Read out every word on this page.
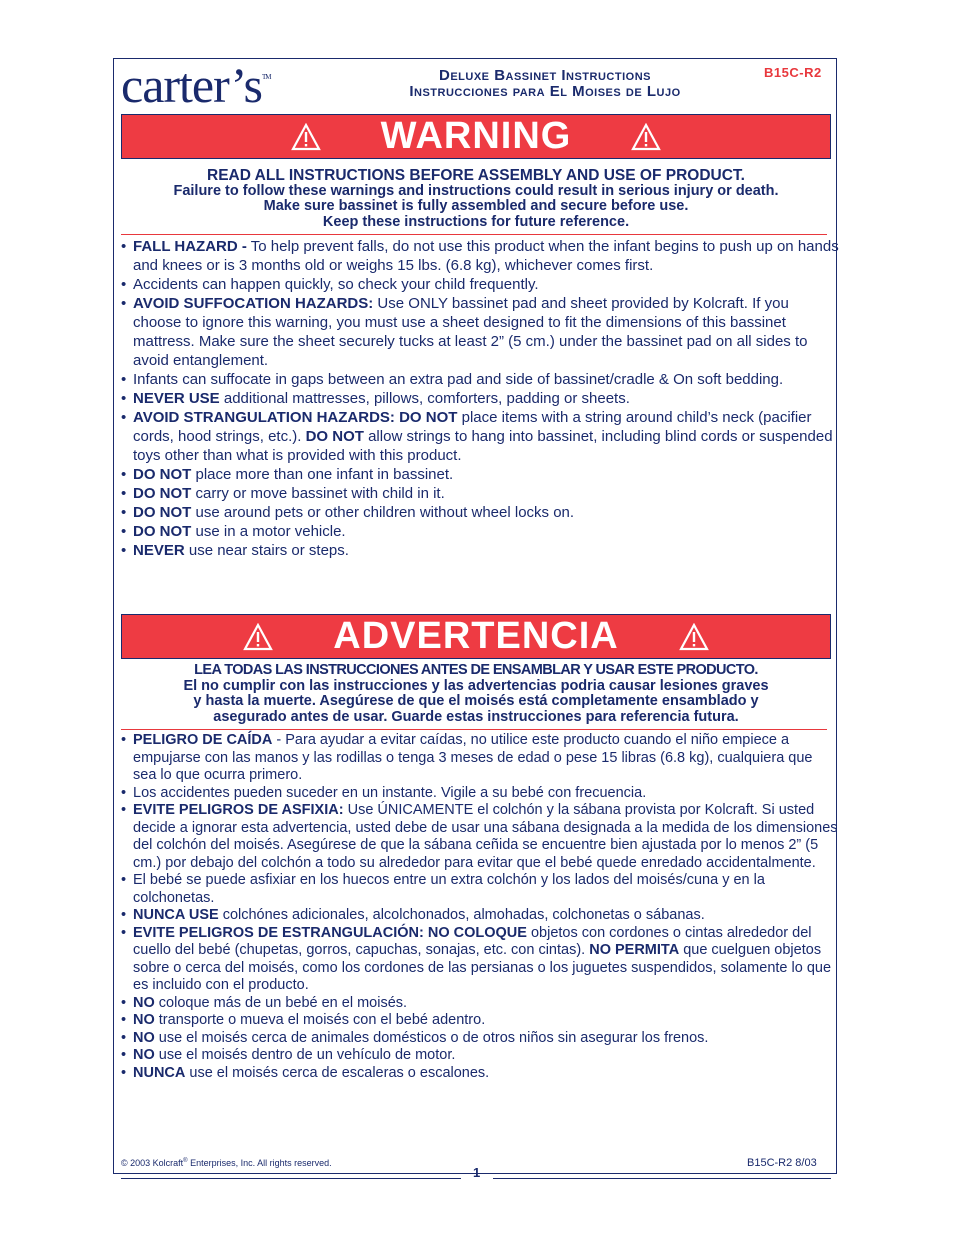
carter’s™	Deluxe Bassinet Instructions
Instrucciones para El Moises de Lujo
B15C-R2
WARNING
READ ALL INSTRUCTIONS BEFORE ASSEMBLY AND USE OF PRODUCT.
Failure to follow these warnings and instructions could result in serious injury or death.
Make sure bassinet is fully assembled and secure before use.
Keep these instructions for future reference.
• FALL HAZARD - To help prevent falls, do not use this product when the infant begins to push up on hands and knees or is 3 months old or weighs 15 lbs. (6.8 kg), whichever comes first.
• Accidents can happen quickly, so check your child frequently.
• AVOID SUFFOCATION HAZARDS: Use ONLY bassinet pad and sheet provided by Kolcraft. If you choose to ignore this warning, you must use a sheet designed to fit the dimensions of this bassinet mattress. Make sure the sheet securely tucks at least 2” (5 cm.) under the bassinet pad on all sides to avoid entanglement.
• Infants can suffocate in gaps between an extra pad and side of bassinet/cradle & On soft bedding.
• NEVER USE additional mattresses, pillows, comforters, padding or sheets.
• AVOID STRANGULATION HAZARDS: DO NOT place items with a string around child’s neck (pacifier cords, hood strings, etc.). DO NOT allow strings to hang into bassinet, including blind cords or suspended toys other than what is provided with this product.
• DO NOT place more than one infant in bassinet.
• DO NOT carry or move bassinet with child in it.
• DO NOT use around pets or other children without wheel locks on.
• DO NOT use in a motor vehicle.
• NEVER use near stairs or steps.
ADVERTENCIA
LEA TODAS LAS INSTRUCCIONES ANTES DE ENSAMBLAR Y USAR ESTE PRODUCTO.
El no cumplir con las instrucciones y las advertencias podria causar lesiones graves
y hasta la muerte. Asegúrese de que el moisés está completamente ensamblado y
asegurado antes de usar. Guarde estas instrucciones para referencia futura.
• PELIGRO DE CAÍDA - Para ayudar a evitar caídas, no utilice este producto cuando el niño empiece a empujarse con las manos y las rodillas o tenga 3 meses de edad o pese 15 libras (6.8 kg), cualquiera que sea lo que ocurra primero.
• Los accidentes pueden suceder en un instante. Vigile a su bebé con frecuencia.
• EVITE PELIGROS DE ASFIXIA: Use ÚNICAMENTE el colchón y la sábana provista por Kolcraft. Si usted decide a ignorar esta advertencia, usted debe de usar una sábana designada a la medida de los dimensiones del colchón del moisés. Asegúrese de que la sábana ceñida se encuentre bien ajustada por lo menos 2” (5 cm.) por debajo del colchón a todo su alrededor para evitar que el bebé quede enredado accidentalmente.
• El bebé se puede asfixiar en los huecos entre un extra colchón y los lados del moisés/cuna y en la colchonetas.
• NUNCA USE colchónes adicionales, alcolchonados, almohadas, colchonetas o sábanas.
• EVITE PELIGROS DE ESTRANGULACIÓN: NO COLOQUE objetos con cordones o cintas alrededor del cuello del bebé (chupetas, gorros, capuchas, sonajas, etc. con cintas). NO PERMITA que cuelguen objetos sobre o cerca del moisés, como los cordones de las persianas o los juguetes suspendidos, solamente lo que es incluido con el producto.
• NO coloque más de un bebé en el moisés.
• NO transporte o mueva el moisés con el bebé adentro.
• NO use el moisés cerca de animales domésticos o de otros niños sin asegurar los frenos.
• NO use el moisés dentro de un vehículo de motor.
• NUNCA use el moisés cerca de escaleras o escalones.
© 2003 Kolcraft® Enterprises, Inc. All rights reserved.
1
B15C-R2 8/03
